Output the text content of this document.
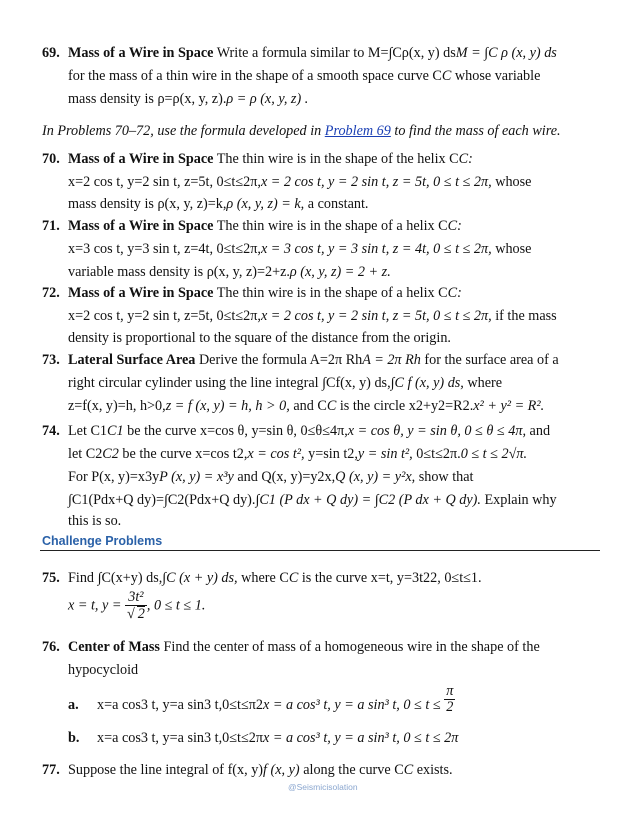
69. Mass of a Wire in Space Write a formula similar to M=∫Cρ(x, y) dsM = ∫C ρ (x, y) ds
for the mass of a thin wire in the shape of a smooth space curve CC whose variable
mass density is ρ=ρ(x, y, z).ρ = ρ (x, y, z) .
In Problems 70–72, use the formula developed in Problem 69 to find the mass of each wire.
70. Mass of a Wire in Space The thin wire is in the shape of the helix CC:
x=2 cos t, y=2 sin t, z=5t, 0≤t≤2π,x = 2 cos t, y = 2 sin t, z = 5t, 0 ≤ t ≤ 2π, whose
mass density is ρ(x, y, z)=k,ρ (x, y, z) = k, a constant.
71. Mass of a Wire in Space The thin wire is in the shape of a helix CC:
x=3 cos t, y=3 sin t, z=4t, 0≤t≤2π,x = 3 cos t, y = 3 sin t, z = 4t, 0 ≤ t ≤ 2π, whose
variable mass density is ρ(x, y, z)=2+z.ρ (x, y, z) = 2 + z.
72. Mass of a Wire in Space The thin wire is in the shape of a helix CC:
x=2 cos t, y=2 sin t, z=5t, 0≤t≤2π,x = 2 cos t, y = 2 sin t, z = 5t, 0 ≤ t ≤ 2π, if the mass
density is proportional to the square of the distance from the origin.
73. Lateral Surface Area Derive the formula A=2π RhA = 2π Rh for the surface area of a
right circular cylinder using the line integral ∫Cf(x, y) ds,∫C f (x, y) ds, where
z=f(x, y)=h, h>0,z = f (x, y) = h, h > 0, and CC is the circle x2+y2=R2.x² + y² = R².
74. Let C1C1 be the curve x=cos θ, y=sin θ, 0≤θ≤4π,x = cos θ, y = sin θ, 0 ≤ θ ≤ 4π, and
let C2C2 be the curve x=cos t2,x = cos t², y=sin t2,y = sin t², 0≤t≤2π.0 ≤ t ≤ 2√π.
For P(x, y)=x3yP (x, y) = x³y and Q(x, y)=y2x,Q (x, y) = y²x, show that
∫C1(Pdx+Q dy)=∫C2(Pdx+Q dy).∫C1 (P dx + Q dy) = ∫C2 (P dx + Q dy). Explain why
this is so.
Challenge Problems
75. Find ∫C(x+y) ds,∫C (x + y) ds, where CC is the curve x=t, y=3t22, 0≤t≤1.
x = t, $y = \frac{\text{3t²}}{√ 2}$ , 0 ≤ t ≤ 1.
76. Center of Mass Find the center of mass of a homogeneous wire in the shape of the
hypocycloid
a. x=a cos3 t, y=a sin3 t,0≤t≤π2x = a cos³ t, y = a sin³ t, $0 \le t \le \frac{\pi}{2}$
b. x=a cos3 t, y=a sin3 t,0≤t≤2πx = a cos³ t, y = a sin³ t, 0 ≤ t ≤ 2π
77. Suppose the line integral of f(x, y)f (x, y) along the curve CC exists.
@Seismicisolation
